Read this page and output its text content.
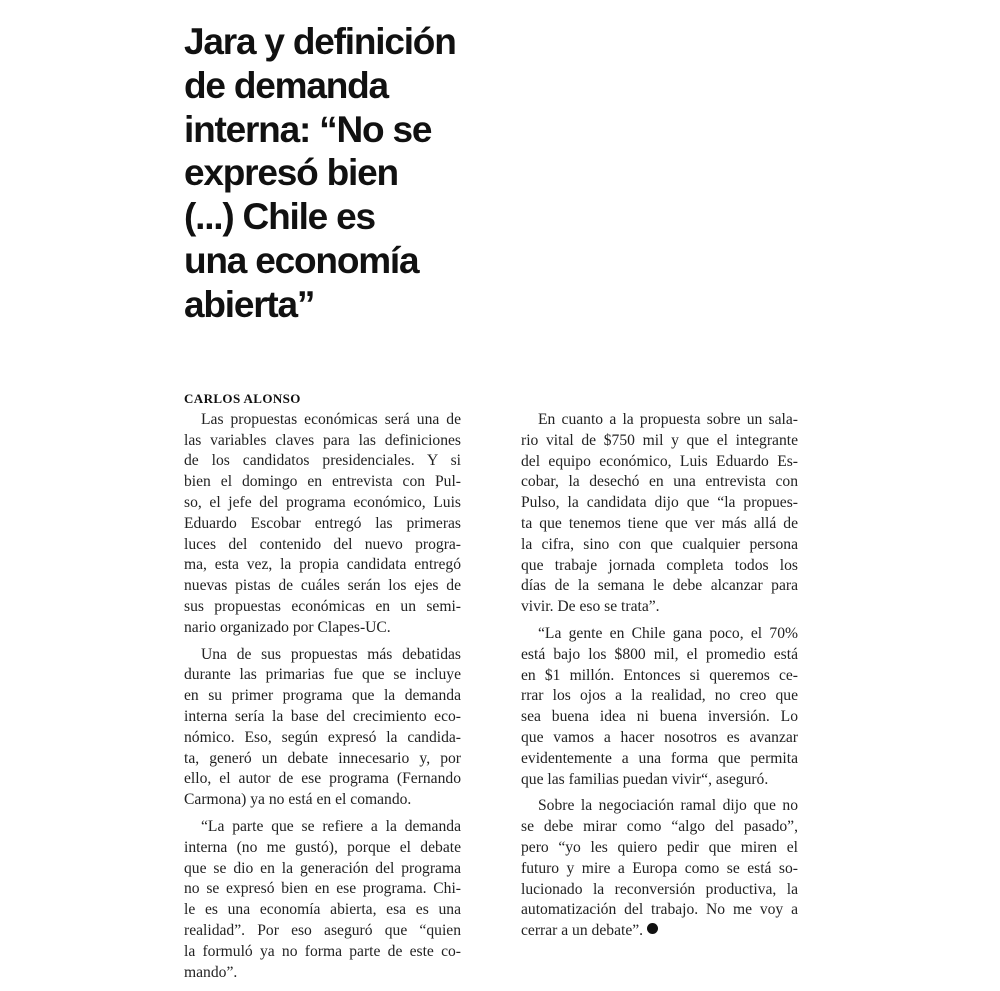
Jara y definición
de demanda
interna: “No se
expresó bien
(...) Chile es
una economía
abierta”

CARLOS ALONSO

Las propuestas económicas será una de
las variables claves para las definiciones
de los candidatos presidenciales. Y si
bien el domingo en entrevista con Pul-
so, el jefe del programa económico, Luis
Eduardo Escobar entregó las primeras
luces del contenido del nuevo progra-
ma, esta vez, la propia candidata entregó
nuevas pistas de cuáles serán los ejes de
sus propuestas económicas en un semi-
nario organizado por Clapes-UC.

Una de sus propuestas más debatidas
durante las primarias fue que se incluye
en su primer programa que la demanda
interna sería la base del crecimiento eco-
nómico. Eso, según expresó la candida-
ta, generó un debate innecesario y, por
ello, el autor de ese programa (Fernando
Carmona) ya no está en el comando.

“La parte que se refiere a la demanda
interna (no me gustó), porque el debate
que se dio en la generación del programa
no se expresó bien en ese programa. Chi-
le es una economía abierta, esa es una
realidad”. Por eso aseguró que “quien
la formuló ya no forma parte de este co-
mando”.

En cuanto a la propuesta sobre un sala-
rio vital de $750 mil y que el integrante
del equipo económico, Luis Eduardo Es-
cobar, la desechó en una entrevista con
Pulso, la candidata dijo que “la propues-
ta que tenemos tiene que ver más allá de
la cifra, sino con que cualquier persona
que trabaje jornada completa todos los
días de la semana le debe alcanzar para
vivir. De eso se trata”.

“La gente en Chile gana poco, el 70%
está bajo los $800 mil, el promedio está
en $1 millón. Entonces si queremos ce-
rrar los ojos a la realidad, no creo que
sea buena idea ni buena inversión. Lo
que vamos a hacer nosotros es avanzar
evidentemente a una forma que permita
que las familias puedan vivir“, aseguró.

Sobre la negociación ramal dijo que no
se debe mirar como “algo del pasado”,
pero “yo les quiero pedir que miren el
futuro y mire a Europa como se está so-
lucionado la reconversión productiva, la
automatización del trabajo. No me voy a
cerrar a un debate”.
